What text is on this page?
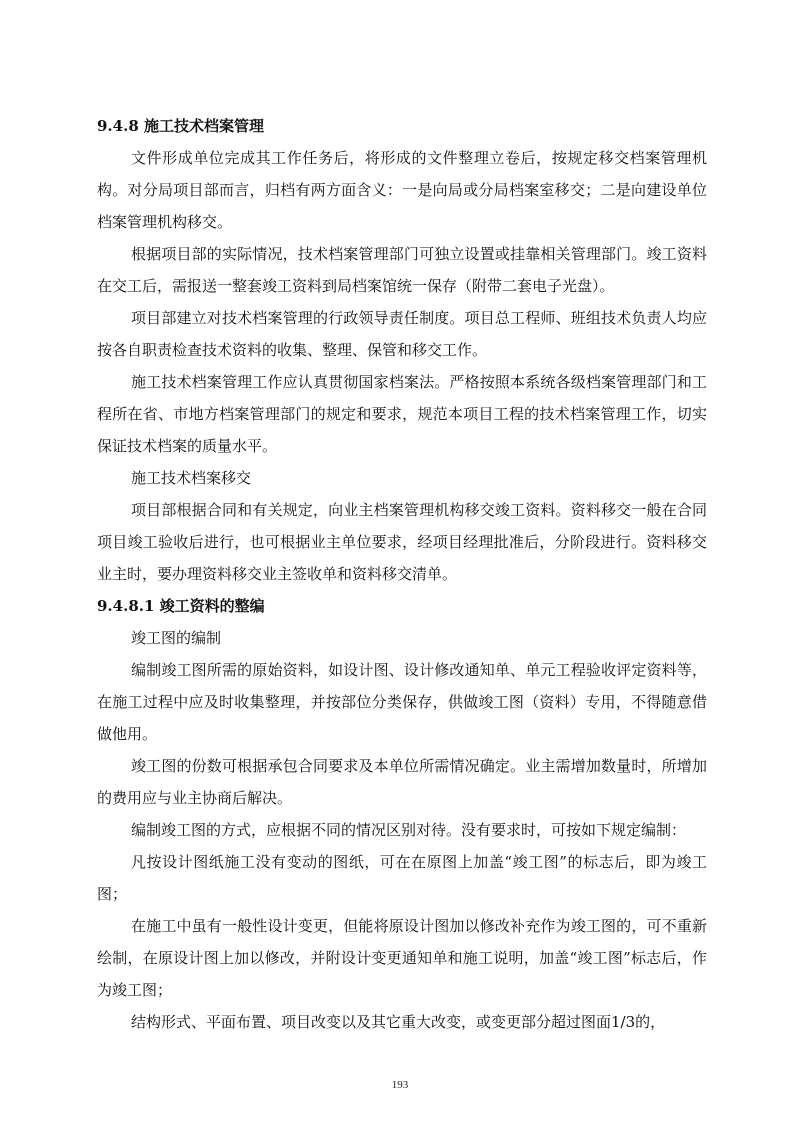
9.4.8 施工技术档案管理

文件形成单位完成其工作任务后，将形成的文件整理立卷后，按规定移交档案管理机构。对分局项目部而言，归档有两方面含义：一是向局或分局档案室移交；二是向建设单位档案管理机构移交。

根据项目部的实际情况，技术档案管理部门可独立设置或挂靠相关管理部门。竣工资料在交工后，需报送一整套竣工资料到局档案馆统一保存（附带二套电子光盘）。

项目部建立对技术档案管理的行政领导责任制度。项目总工程师、班组技术负责人均应按各自职责检查技术资料的收集、整理、保管和移交工作。

施工技术档案管理工作应认真贯彻国家档案法。严格按照本系统各级档案管理部门和工程所在省、市地方档案管理部门的规定和要求，规范本项目工程的技术档案管理工作，切实保证技术档案的质量水平。

施工技术档案移交

项目部根据合同和有关规定，向业主档案管理机构移交竣工资料。资料移交一般在合同项目竣工验收后进行，也可根据业主单位要求，经项目经理批准后，分阶段进行。资料移交业主时，要办理资料移交业主签收单和资料移交清单。

9.4.8.1 竣工资料的整编

竣工图的编制

编制竣工图所需的原始资料，如设计图、设计修改通知单、单元工程验收评定资料等，在施工过程中应及时收集整理，并按部位分类保存，供做竣工图（资料）专用，不得随意借做他用。

竣工图的份数可根据承包合同要求及本单位所需情况确定。业主需增加数量时，所增加的费用应与业主协商后解决。

编制竣工图的方式，应根据不同的情况区别对待。没有要求时，可按如下规定编制：

凡按设计图纸施工没有变动的图纸，可在在原图上加盖“竣工图”的标志后，即为竣工图；

在施工中虽有一般性设计变更，但能将原设计图加以修改补充作为竣工图的，可不重新绘制，在原设计图上加以修改，并附设计变更通知单和施工说明，加盖“竣工图”标志后，作为竣工图；

结构形式、平面布置、项目改变以及其它重大改变，或变更部分超过图面1/3的，

193
